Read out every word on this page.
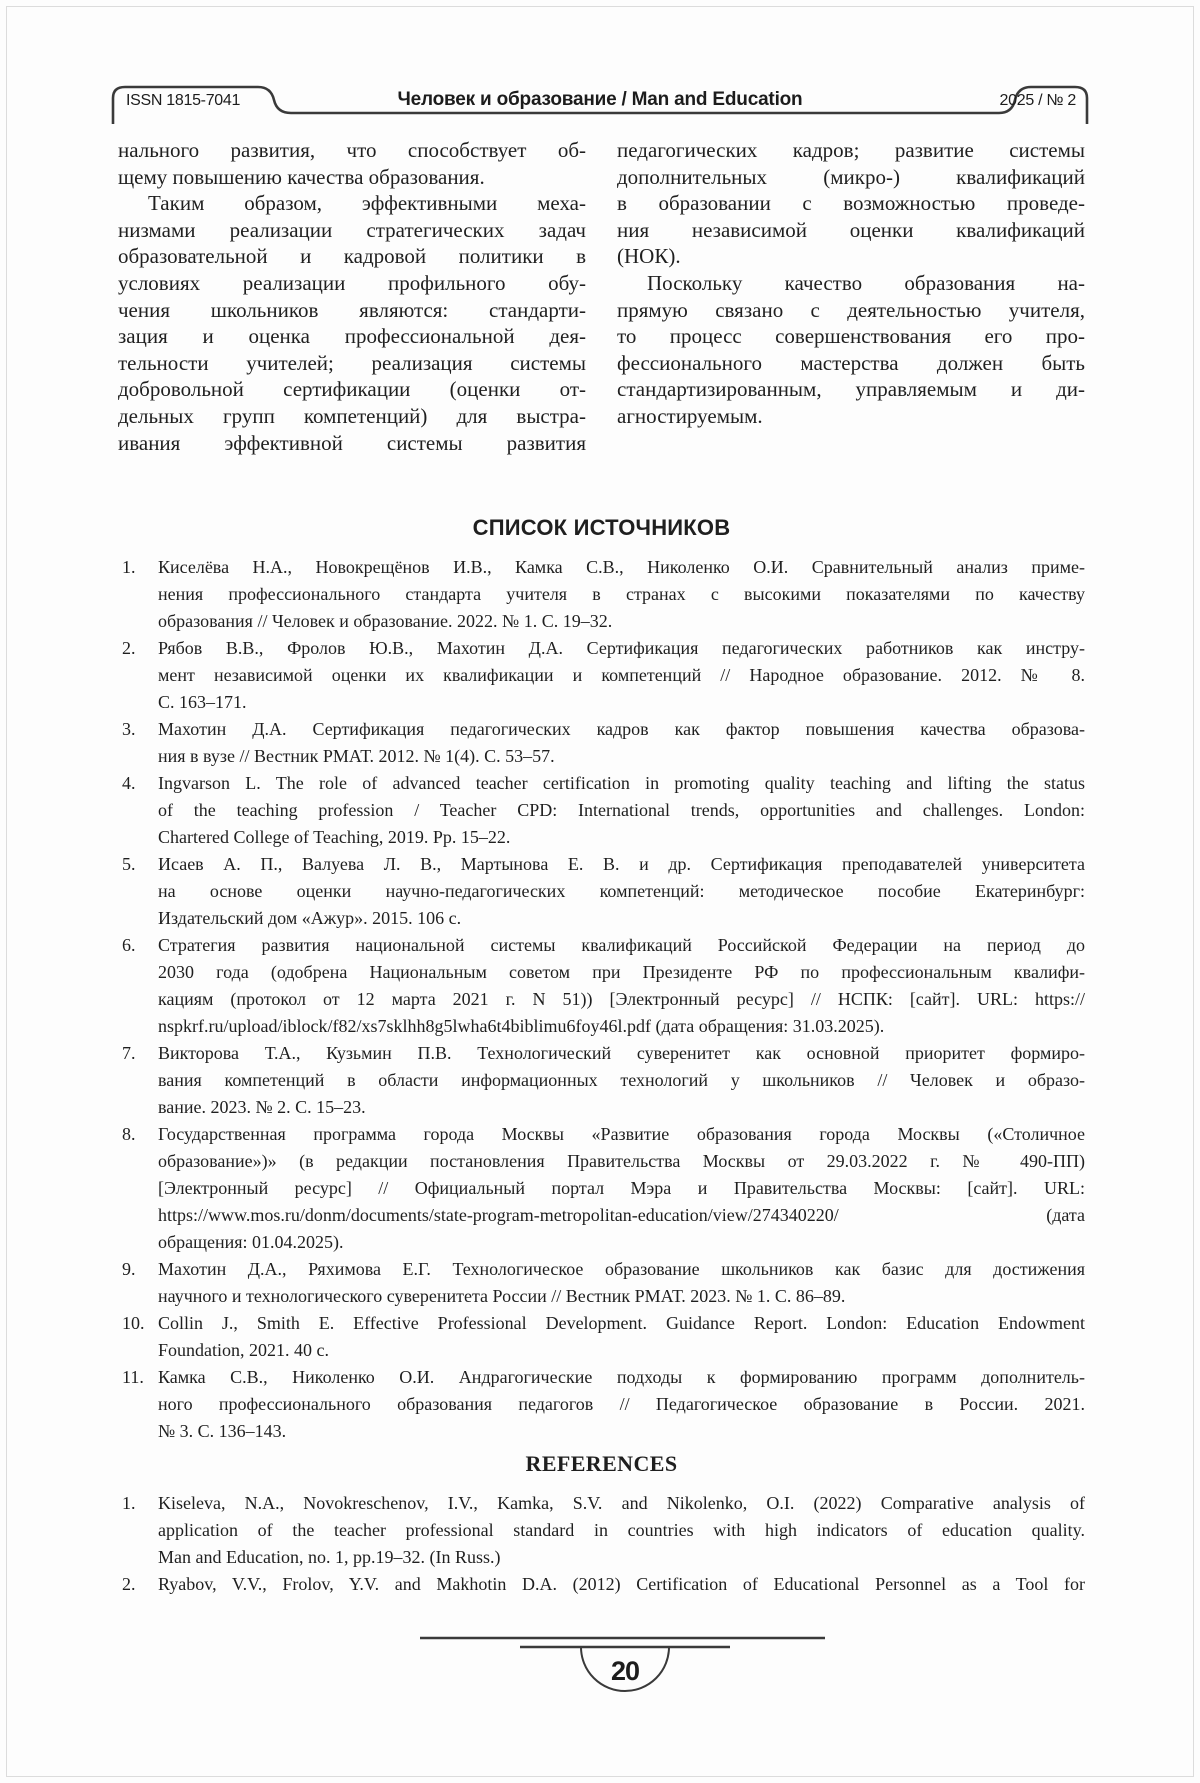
ISSN 1815-7041	Человек и образование / Man and Education	2025 / № 2
нального развития, что способствует об-
щему повышению качества образования.
Таким образом, эффективными меха-
низмами реализации стратегических задач
образовательной и кадровой политики в
условиях реализации профильного обу-
чения школьников являются: стандарти-
зация и оценка профессиональной дея-
тельности учителей; реализация системы
добровольной сертификации (оценки от-
дельных групп компетенций) для выстра-
ивания эффективной системы развития
педагогических кадров; развитие системы
дополнительных (микро-) квалификаций
в образовании с возможностью проведе-
ния независимой оценки квалификаций
(НОК).
Поскольку качество образования на-
прямую связано с деятельностью учителя,
то процесс совершенствования его про-
фессионального мастерства должен быть
стандартизированным, управляемым и ди-
агностируемым.
СПИСОК ИСТОЧНИКОВ
1.	Киселёва Н.А., Новокрещёнов И.В., Камка С.В., Николенко О.И. Сравнительный анализ приме-
нения профессионального стандарта учителя в странах с высокими показателями по качеству
образования // Человек и образование. 2022. № 1. С. 19–32.
2.	Рябов В.В., Фролов Ю.В., Махотин Д.А. Сертификация педагогических работников как инстру-
мент независимой оценки их квалификации и компетенций // Народное образование. 2012. № 8.
С. 163–171.
3.	Махотин Д.А. Сертификация педагогических кадров как фактор повышения качества образова-
ния в вузе // Вестник РМАТ. 2012. № 1(4). С. 53–57.
4.	Ingvarson L. The role of advanced teacher certification in promoting quality teaching and lifting the status
of the teaching profession / Teacher CPD: International trends, opportunities and challenges. London:
Chartered College of Teaching, 2019. Pp. 15–22.
5.	Исаев А. П., Валуева Л. В., Мартынова Е. В. и др. Сертификация преподавателей университета
на основе оценки научно-педагогических компетенций: методическое пособие Екатеринбург:
Издательский дом «Ажур». 2015. 106 с.
6.	Стратегия развития национальной системы квалификаций Российской Федерации на период до
2030 года (одобрена Национальным советом при Президенте РФ по профессиональным квалифи-
кациям (протокол от 12 марта 2021 г. N 51)) [Электронный ресурс] // НСПК: [сайт]. URL: https://
nspkrf.ru/upload/iblock/f82/xs7sklhh8g5lwha6t4biblimu6foy46l.pdf (дата обращения: 31.03.2025).
7.	Викторова Т.А., Кузьмин П.В. Технологический суверенитет как основной приоритет формиро-
вания компетенций в области информационных технологий у школьников // Человек и образо-
вание. 2023. № 2. С. 15–23.
8.	Государственная программа города Москвы «Развитие образования города Москвы («Столичное
образование»)» (в редакции постановления Правительства Москвы от 29.03.2022 г. № 490-ПП)
[Электронный ресурс] // Официальный портал Мэра и Правительства Москвы: [сайт]. URL:
https://www.mos.ru/donm/documents/state-program-metropolitan-education/view/274340220/ (дата
обращения: 01.04.2025).
9.	Махотин Д.А., Ряхимова Е.Г. Технологическое образование школьников как базис для достижения
научного и технологического суверенитета России // Вестник РМАТ. 2023. № 1. С. 86–89.
10. Collin J., Smith E. Effective Professional Development. Guidance Report. London: Education Endowment
Foundation, 2021. 40 с.
11. Камка С.В., Николенко О.И. Андрагогические подходы к формированию программ дополнитель-
ного профессионального образования педагогов // Педагогическое образование в России. 2021.
№ 3. С. 136–143.
REFERENCES
1.	Kiseleva, N.A., Novokreschenov, I.V., Kamka, S.V. and Nikolenko, O.I. (2022) Comparative analysis of
application of the teacher professional standard in countries with high indicators of education quality.
Man and Education, no. 1, pp.19–32. (In Russ.)
2.	Ryabov, V.V., Frolov, Y.V. and Makhotin D.A. (2012) Certification of Educational Personnel as a Tool for
20
